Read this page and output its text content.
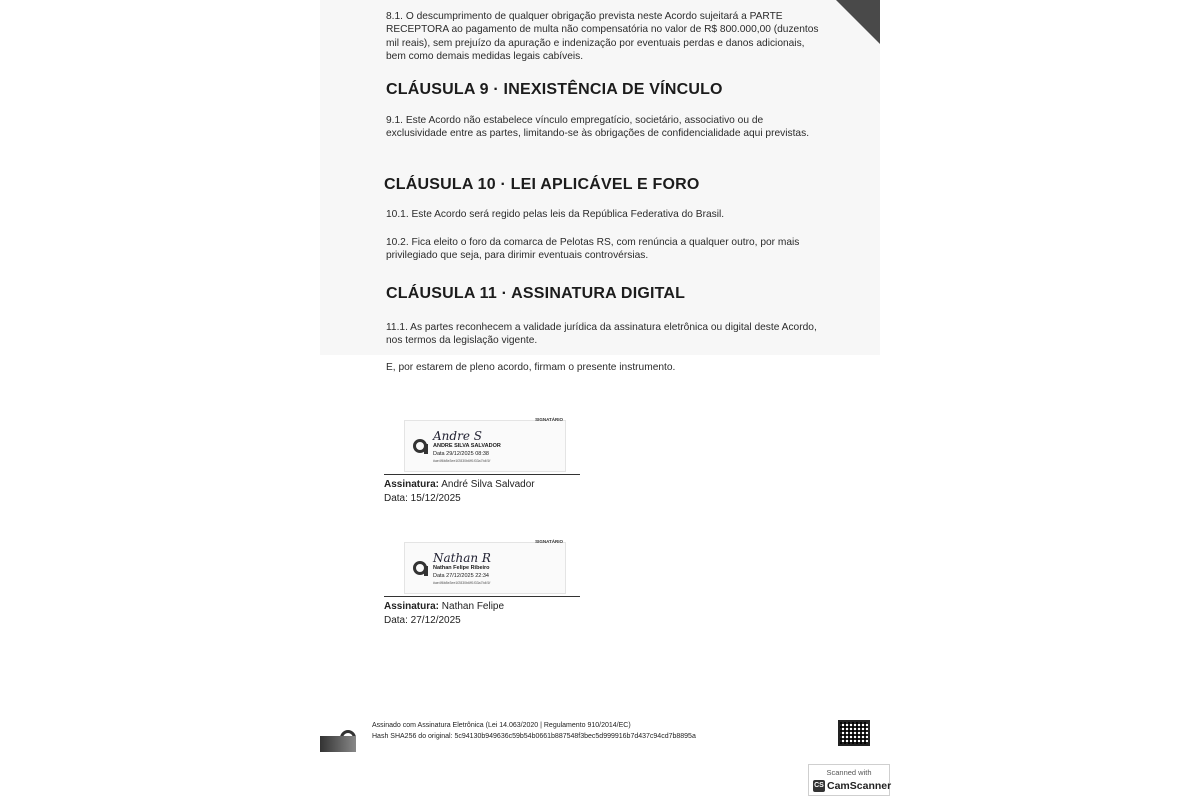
8.1. O descumprimento de qualquer obrigação prevista neste Acordo sujeitará a PARTE RECEPTORA ao pagamento de multa não compensatória no valor de R$ 800.000,00 (duzentos mil reais), sem prejuízo da apuração e indenização por eventuais perdas e danos adicionais, bem como demais medidas legais cabíveis.

CLÁUSULA 9 · INEXISTÊNCIA DE VÍNCULO

9.1. Este Acordo não estabelece vínculo empregatício, societário, associativo ou de exclusividade entre as partes, limitando-se às obrigações de confidencialidade aqui previstas.

CLÁUSULA 10 · LEI APLICÁVEL E FORO

10.1. Este Acordo será regido pelas leis da República Federativa do Brasil.

10.2. Fica eleito o foro da comarca de Pelotas RS, com renúncia a qualquer outro, por mais privilegiado que seja, para dirimir eventuais controvérsias.

CLÁUSULA 11 · ASSINATURA DIGITAL

11.1. As partes reconhecem a validade jurídica da assinatura eletrônica ou digital deste Acordo, nos termos da legislação vigente.

E, por estarem de pleno acordo, firmam o presente instrumento.

SIGNATÁRIO
Andre S
ANDRE SILVA SALVADOR
Data 29/12/2025 08:38
#ae4f6b8e3ee1f2830b6ff1f33a7b4f1f
Assinatura: André Silva Salvador
Data: 15/12/2025
SIGNATÁRIO
Nathan R
Nathan Felipe Ribeiro
Data 27/12/2025 22:34
#ae4f6b8e3ee1f2830b6ff1f33a7b4f1f
Assinatura: Nathan Felipe
Data: 27/12/2025
Assinado com Assinatura Eletrônica (Lei 14.063/2020 | Regulamento 910/2014/EC)
Hash SHA256 do original: 5c94130b949636c59b54b0661b887548f3bec5d999916b7d437c94cd7b8895a
Scanned with
CS CamScanner
